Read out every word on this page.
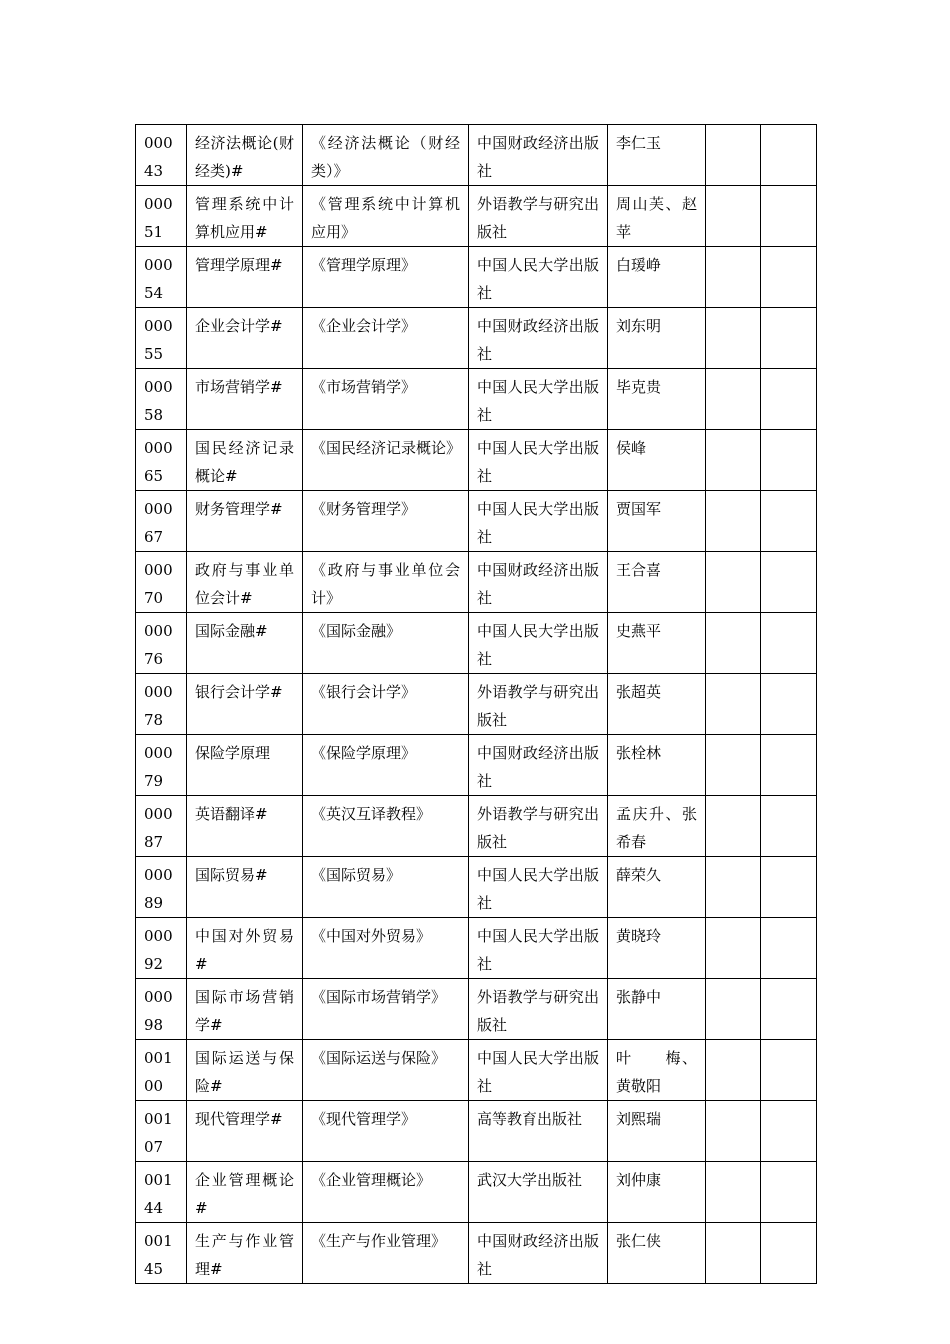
00043	经济法概论(财经类)#	《经济法概论（财经类）》	中国财政经济出版社	李仁玉		
00051	管理系统中计算机应用#	《管理系统中计算机应用》	外语教学与研究出版社	周山芙、赵苹		
00054	管理学原理#	《管理学原理》	中国人民大学出版社	白瑗峥		
00055	企业会计学#	《企业会计学》	中国财政经济出版社	刘东明		
00058	市场营销学#	《市场营销学》	中国人民大学出版社	毕克贵		
00065	国民经济记录概论#	《国民经济记录概论》	中国人民大学出版社	侯峰		
00067	财务管理学#	《财务管理学》	中国人民大学出版社	贾国军		
00070	政府与事业单位会计#	《政府与事业单位会计》	中国财政经济出版社	王合喜		
00076	国际金融#	《国际金融》	中国人民大学出版社	史燕平		
00078	银行会计学#	《银行会计学》	外语教学与研究出版社	张超英		
00079	保险学原理	《保险学原理》	中国财政经济出版社	张栓林		
00087	英语翻译#	《英汉互译教程》	外语教学与研究出版社	孟庆升、张希春		
00089	国际贸易#	《国际贸易》	中国人民大学出版社	薛荣久		
00092	中国对外贸易#	《中国对外贸易》	中国人民大学出版社	黄晓玲		
00098	国际市场营销学#	《国际市场营销学》	外语教学与研究出版社	张静中		
00100	国际运送与保险#	《国际运送与保险》	中国人民大学出版社	叶　　梅、黄敬阳		
00107	现代管理学#	《现代管理学》	高等教育出版社	刘熙瑞		
00144	企业管理概论#	《企业管理概论》	武汉大学出版社	刘仲康		
00145	生产与作业管理#	《生产与作业管理》	中国财政经济出版社	张仁侠		
